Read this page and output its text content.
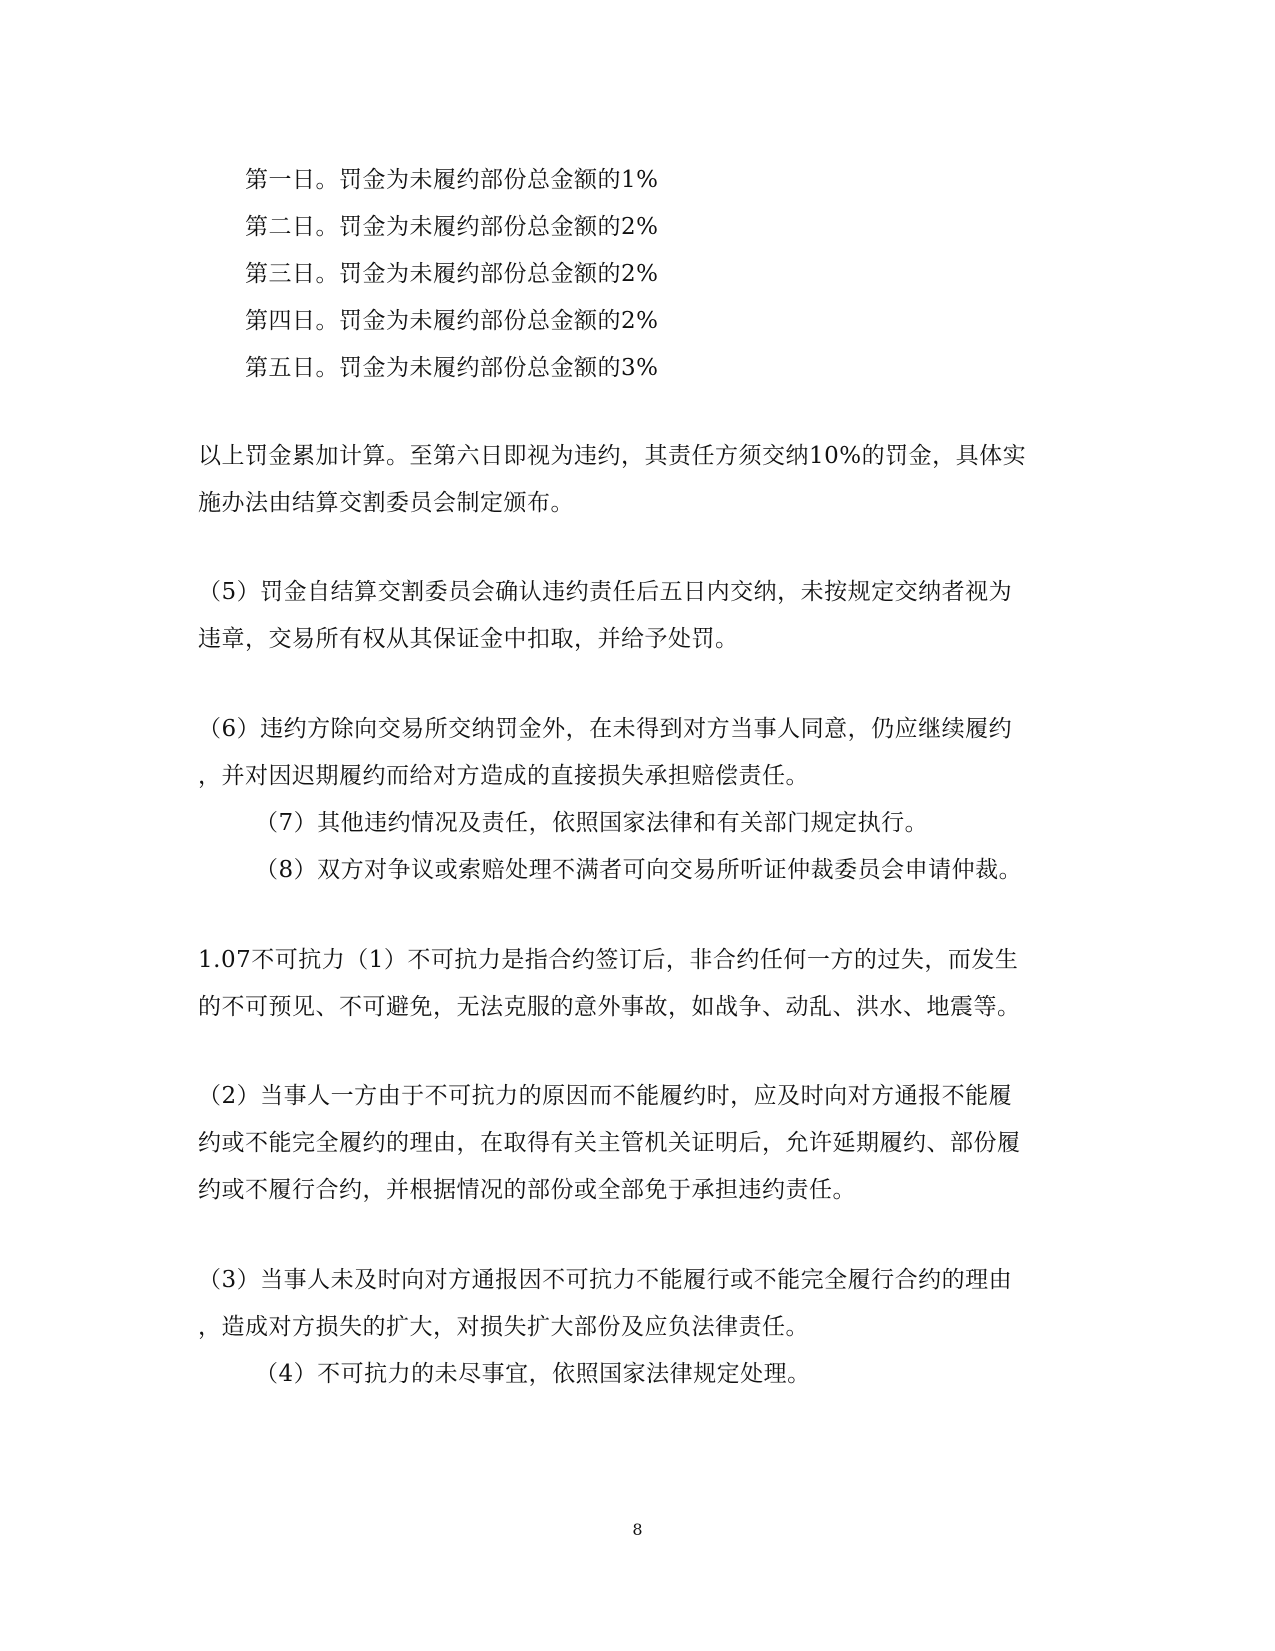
第一日。罚金为未履约部份总金额的1%
第二日。罚金为未履约部份总金额的2%
第三日。罚金为未履约部份总金额的2%
第四日。罚金为未履约部份总金额的2%
第五日。罚金为未履约部份总金额的3%
以上罚金累加计算。至第六日即视为违约，其责任方须交纳10%的罚金，具体实
施办法由结算交割委员会制定颁布。
（5）罚金自结算交割委员会确认违约责任后五日内交纳，未按规定交纳者视为
违章，交易所有权从其保证金中扣取，并给予处罚。
（6）违约方除向交易所交纳罚金外，在未得到对方当事人同意，仍应继续履约
，并对因迟期履约而给对方造成的直接损失承担赔偿责任。
（7）其他违约情况及责任，依照国家法律和有关部门规定执行。
（8）双方对争议或索赔处理不满者可向交易所听证仲裁委员会申请仲裁。
1.07不可抗力（1）不可抗力是指合约签订后，非合约任何一方的过失，而发生
的不可预见、不可避免，无法克服的意外事故，如战争、动乱、洪水、地震等。
（2）当事人一方由于不可抗力的原因而不能履约时，应及时向对方通报不能履
约或不能完全履约的理由，在取得有关主管机关证明后，允许延期履约、部份履
约或不履行合约，并根据情况的部份或全部免于承担违约责任。
（3）当事人未及时向对方通报因不可抗力不能履行或不能完全履行合约的理由
，造成对方损失的扩大，对损失扩大部份及应负法律责任。
（4）不可抗力的未尽事宜，依照国家法律规定处理。
8
